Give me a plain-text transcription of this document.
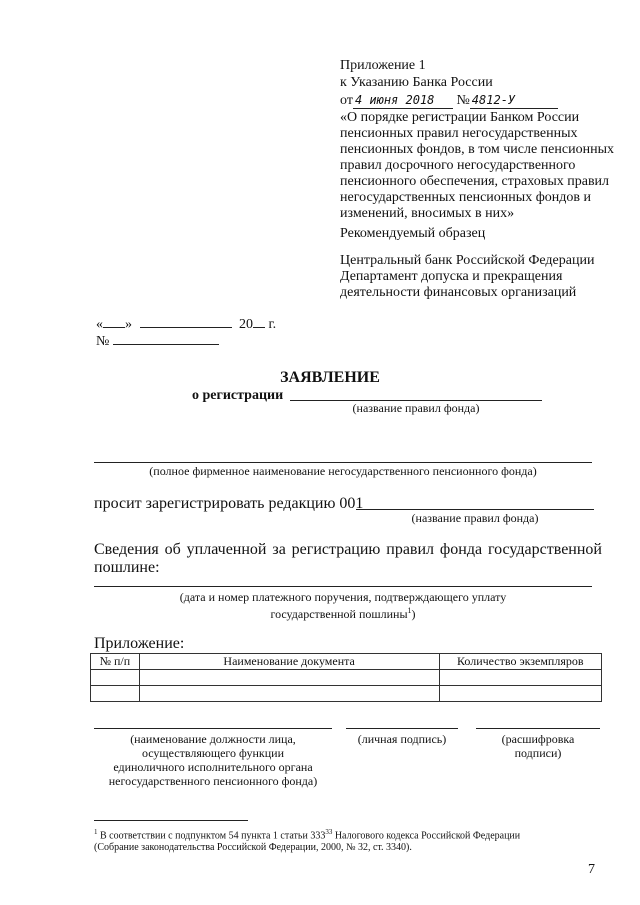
Приложение 1
к Указанию Банка России
от 4 июня 2018 № 4812-У
«О порядке регистрации Банком России
пенсионных правил негосударственных
пенсионных фондов, в том числе пенсионных
правил досрочного негосударственного
пенсионного обеспечения, страховых правил
негосударственных пенсионных фондов и
изменений, вносимых в них»
Рекомендуемый образец
Центральный банк Российской Федерации
Департамент допуска и прекращения
деятельности финансовых организаций
« »	20 г.
№
ЗАЯВЛЕНИЕ
о регистрации
(название правил фонда)
(полное фирменное наименование негосударственного пенсионного фонда)
просит зарегистрировать редакцию 001
(название правил фонда)
Сведения об уплаченной за регистрацию правил фонда государственной
пошлине:
(дата и номер платежного поручения, подтверждающего уплату
государственной пошлины$^1$)
Приложение:
№ п/п	Наименование документа	Количество экземпляров

(наименование должности лица,
осуществляющего функции
единоличного исполнительного органа
негосударственного пенсионного фонда)
(личная подпись)	(расшифровка
подписи)
$^1$ В соответствии с подпунктом 54 пункта 1 статьи $333^{33}$ Налогового кодекса Российской Федерации
(Собрание законодательства Российской Федерации, 2000, № 32, ст. 3340).
7
